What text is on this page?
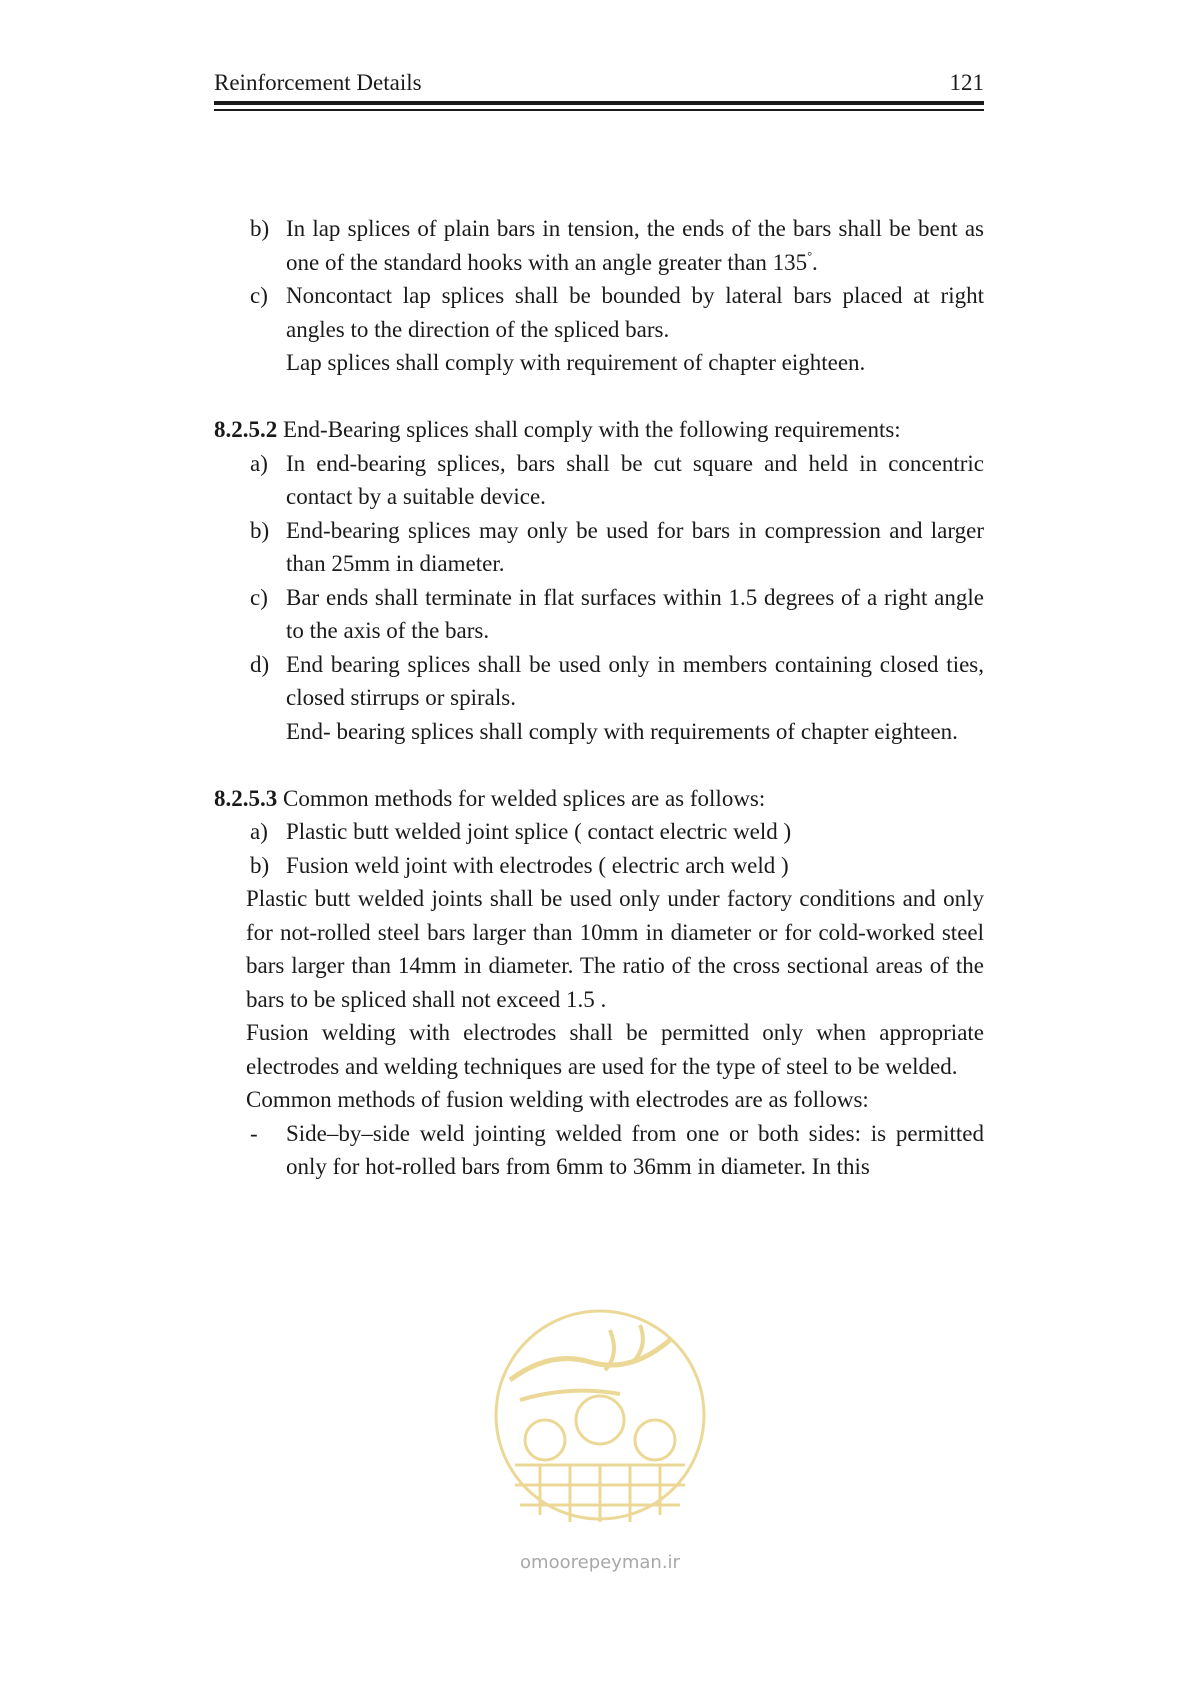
Reinforcement Details	121
b) In lap splices of plain bars in tension, the ends of the bars shall be bent as one of the standard hooks with an angle greater than 135°.
c) Noncontact lap splices shall be bounded by lateral bars placed at right angles to the direction of the spliced bars.
Lap splices shall comply with requirement of chapter eighteen.
8.2.5.2 End-Bearing splices shall comply with the following requirements:
a) In end-bearing splices, bars shall be cut square and held in concentric contact by a suitable device.
b) End-bearing splices may only be used for bars in compression and larger than 25mm in diameter.
c) Bar ends shall terminate in flat surfaces within 1.5 degrees of a right angle to the axis of the bars.
d) End bearing splices shall be used only in members containing closed ties, closed stirrups or spirals.
End- bearing splices shall comply with requirements of chapter eighteen.
8.2.5.3 Common methods for welded splices are as follows:
a) Plastic butt welded joint splice ( contact electric weld )
b) Fusion weld joint with electrodes ( electric arch weld )
Plastic butt welded joints shall be used only under factory conditions and only for not-rolled steel bars larger than 10mm in diameter or for cold-worked steel bars larger than 14mm in diameter. The ratio of the cross sectional areas of the bars to be spliced shall not exceed 1.5 .
Fusion welding with electrodes shall be permitted only when appropriate electrodes and welding techniques are used for the type of steel to be welded.
Common methods of fusion welding with electrodes are as follows:
- Side–by–side weld jointing welded from one or both sides: is permitted only for hot-rolled bars from 6mm to 36mm in diameter. In this
omoorepeyman.ir
